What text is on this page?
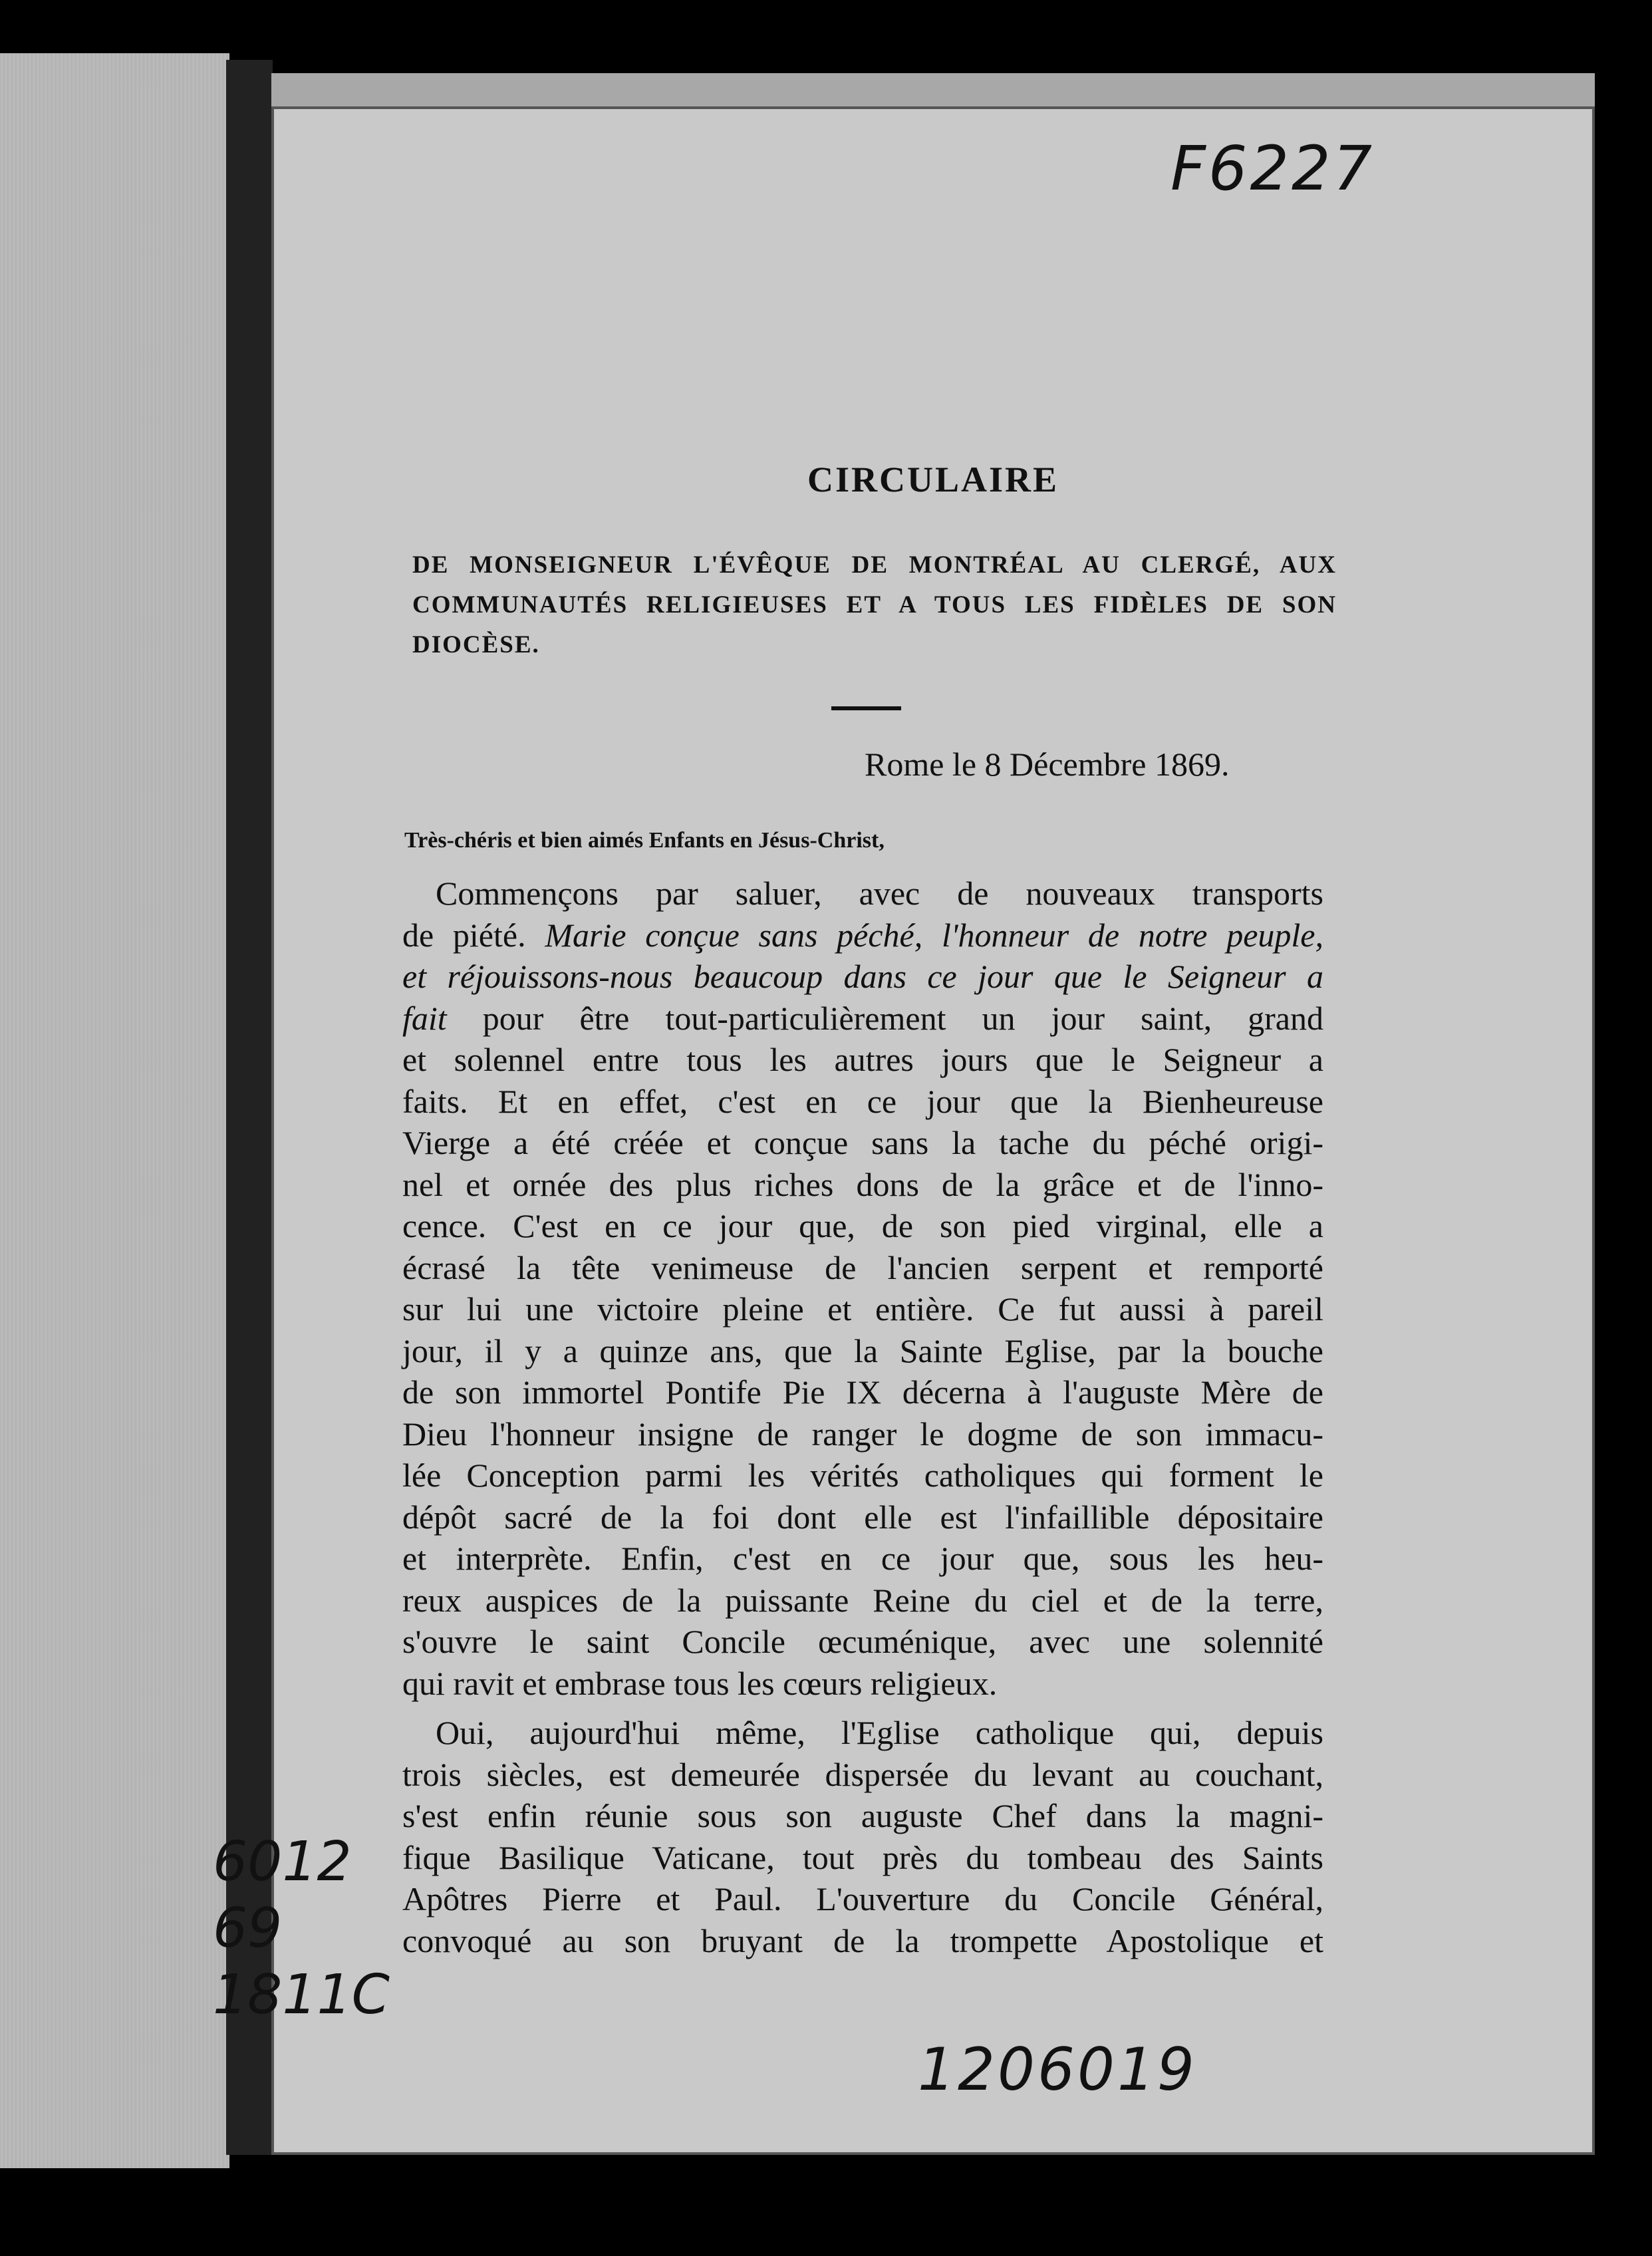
F6227
CIRCULAIRE
DE MONSEIGNEUR L'ÉVÊQUE DE MONTRÉAL AU CLERGÉ, AUX COMMUNAUTÉS RELIGIEUSES ET A TOUS LES FIDÈLES DE SON DIOCÈSE.
Rome le 8 Décembre 1869.
Très-chéris et bien aimés Enfants en Jésus-Christ,
Commençons par saluer, avec de nouveaux transports
de piété. Marie conçue sans péché, l'honneur de notre peuple,
et réjouissons-nous beaucoup dans ce jour que le Seigneur a
fait pour être tout-particulièrement un jour saint, grand
et solennel entre tous les autres jours que le Seigneur a
faits. Et en effet, c'est en ce jour que la Bienheureuse
Vierge a été créée et conçue sans la tache du péché origi-
nel et ornée des plus riches dons de la grâce et de l'inno-
cence. C'est en ce jour que, de son pied virginal, elle a
écrasé la tête venimeuse de l'ancien serpent et remporté
sur lui une victoire pleine et entière. Ce fut aussi à pareil
jour, il y a quinze ans, que la Sainte Eglise, par la bouche
de son immortel Pontife Pie IX décerna à l'auguste Mère de
Dieu l'honneur insigne de ranger le dogme de son immacu-
lée Conception parmi les vérités catholiques qui forment le
dépôt sacré de la foi dont elle est l'infaillible dépositaire
et interprète. Enfin, c'est en ce jour que, sous les heu-
reux auspices de la puissante Reine du ciel et de la terre,
s'ouvre le saint Concile œcuménique, avec une solennité
qui ravit et embrase tous les cœurs religieux.
Oui, aujourd'hui même, l'Eglise catholique qui, depuis
trois siècles, est demeurée dispersée du levant au couchant,
s'est enfin réunie sous son auguste Chef dans la magni-
fique Basilique Vaticane, tout près du tombeau des Saints
Apôtres Pierre et Paul. L'ouverture du Concile Général,
convoqué au son bruyant de la trompette Apostolique et
6012
69
1811C
1206019
